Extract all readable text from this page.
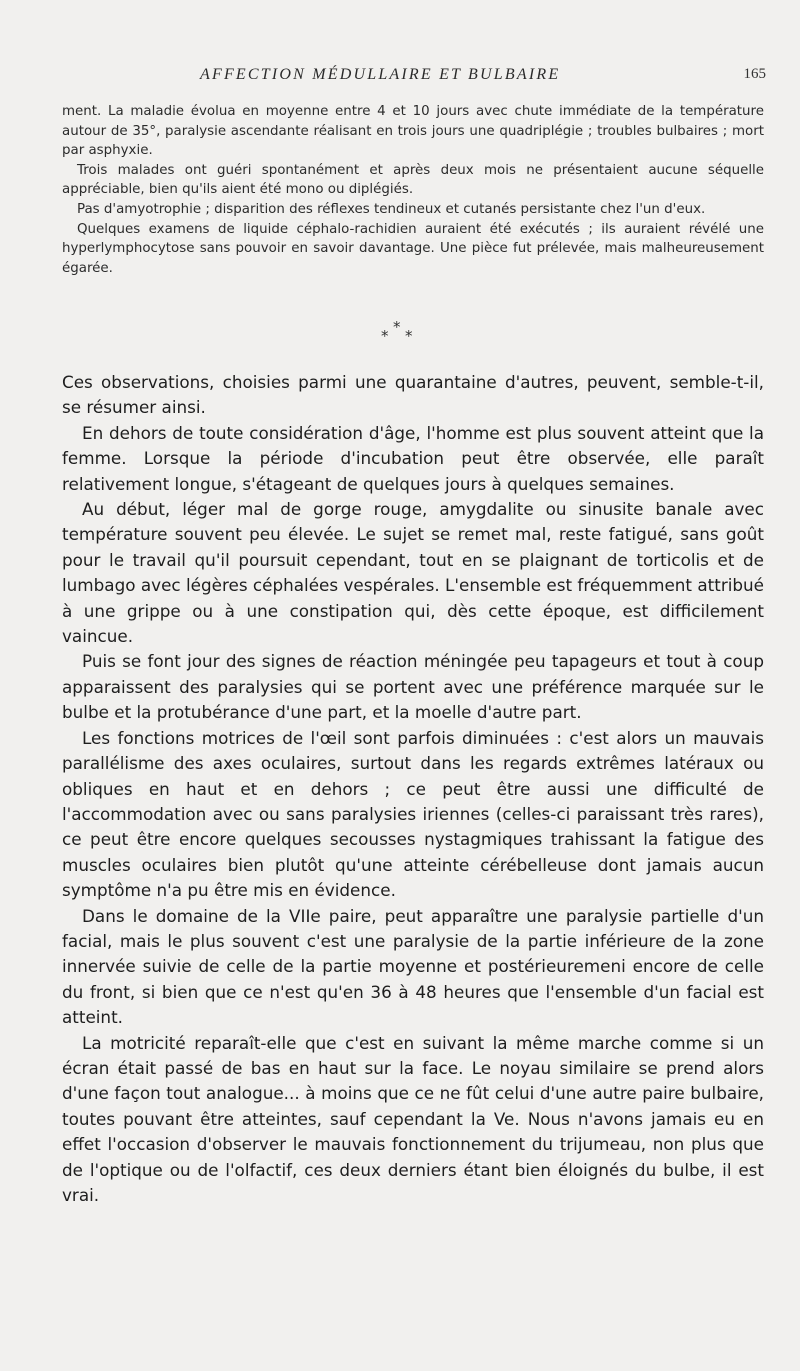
AFFECTION MÉDULLAIRE ET BULBAIRE	165

ment. La maladie évolua en moyenne entre 4 et 10 jours avec chute immédiate de la température autour de 35°, paralysie ascendante réalisant en trois jours une quadriplégie ; troubles bulbaires ; mort par asphyxie.

Trois malades ont guéri spontanément et après deux mois ne présentaient aucune séquelle appréciable, bien qu'ils aient été mono ou diplégiés.

Pas d'amyotrophie ; disparition des réflexes tendineux et cutanés persistante chez l'un d'eux.

Quelques examens de liquide céphalo-rachidien auraient été exécutés ; ils auraient révélé une hyperlymphocytose sans pouvoir en savoir davantage. Une pièce fut prélevée, mais malheureusement égarée.

*
* *

Ces observations, choisies parmi une quarantaine d'autres, peuvent, semble-t-il, se résumer ainsi.

En dehors de toute considération d'âge, l'homme est plus souvent atteint que la femme. Lorsque la période d'incubation peut être observée, elle paraît relativement longue, s'étageant de quelques jours à quelques semaines.

Au début, léger mal de gorge rouge, amygdalite ou sinusite banale avec température souvent peu élevée. Le sujet se remet mal, reste fatigué, sans goût pour le travail qu'il poursuit cependant, tout en se plaignant de torticolis et de lumbago avec légères céphalées vespérales. L'ensemble est fréquemment attribué à une grippe ou à une constipation qui, dès cette époque, est difficilement vaincue.

Puis se font jour des signes de réaction méningée peu tapageurs et tout à coup apparaissent des paralysies qui se portent avec une préférence marquée sur le bulbe et la protubérance d'une part, et la moelle d'autre part.

Les fonctions motrices de l'œil sont parfois diminuées : c'est alors un mauvais parallélisme des axes oculaires, surtout dans les regards extrêmes latéraux ou obliques en haut et en dehors ; ce peut être aussi une difficulté de l'accommodation avec ou sans paralysies iriennes (celles-ci paraissant très rares), ce peut être encore quelques secousses nystagmiques trahissant la fatigue des muscles oculaires bien plutôt qu'une atteinte cérébelleuse dont jamais aucun symptôme n'a pu être mis en évidence.

Dans le domaine de la VIIe paire, peut apparaître une paralysie partielle d'un facial, mais le plus souvent c'est une paralysie de la partie inférieure de la zone innervée suivie de celle de la partie moyenne et postérieuremeni encore de celle du front, si bien que ce n'est qu'en 36 à 48 heures que l'ensemble d'un facial est atteint.

La motricité reparaît-elle que c'est en suivant la même marche comme si un écran était passé de bas en haut sur la face. Le noyau similaire se prend alors d'une façon tout analogue... à moins que ce ne fût celui d'une autre paire bulbaire, toutes pouvant être atteintes, sauf cependant la Ve. Nous n'avons jamais eu en effet l'occasion d'observer le mauvais fonctionnement du trijumeau, non plus que de l'optique ou de l'olfactif, ces deux derniers étant bien éloignés du bulbe, il est vrai.
